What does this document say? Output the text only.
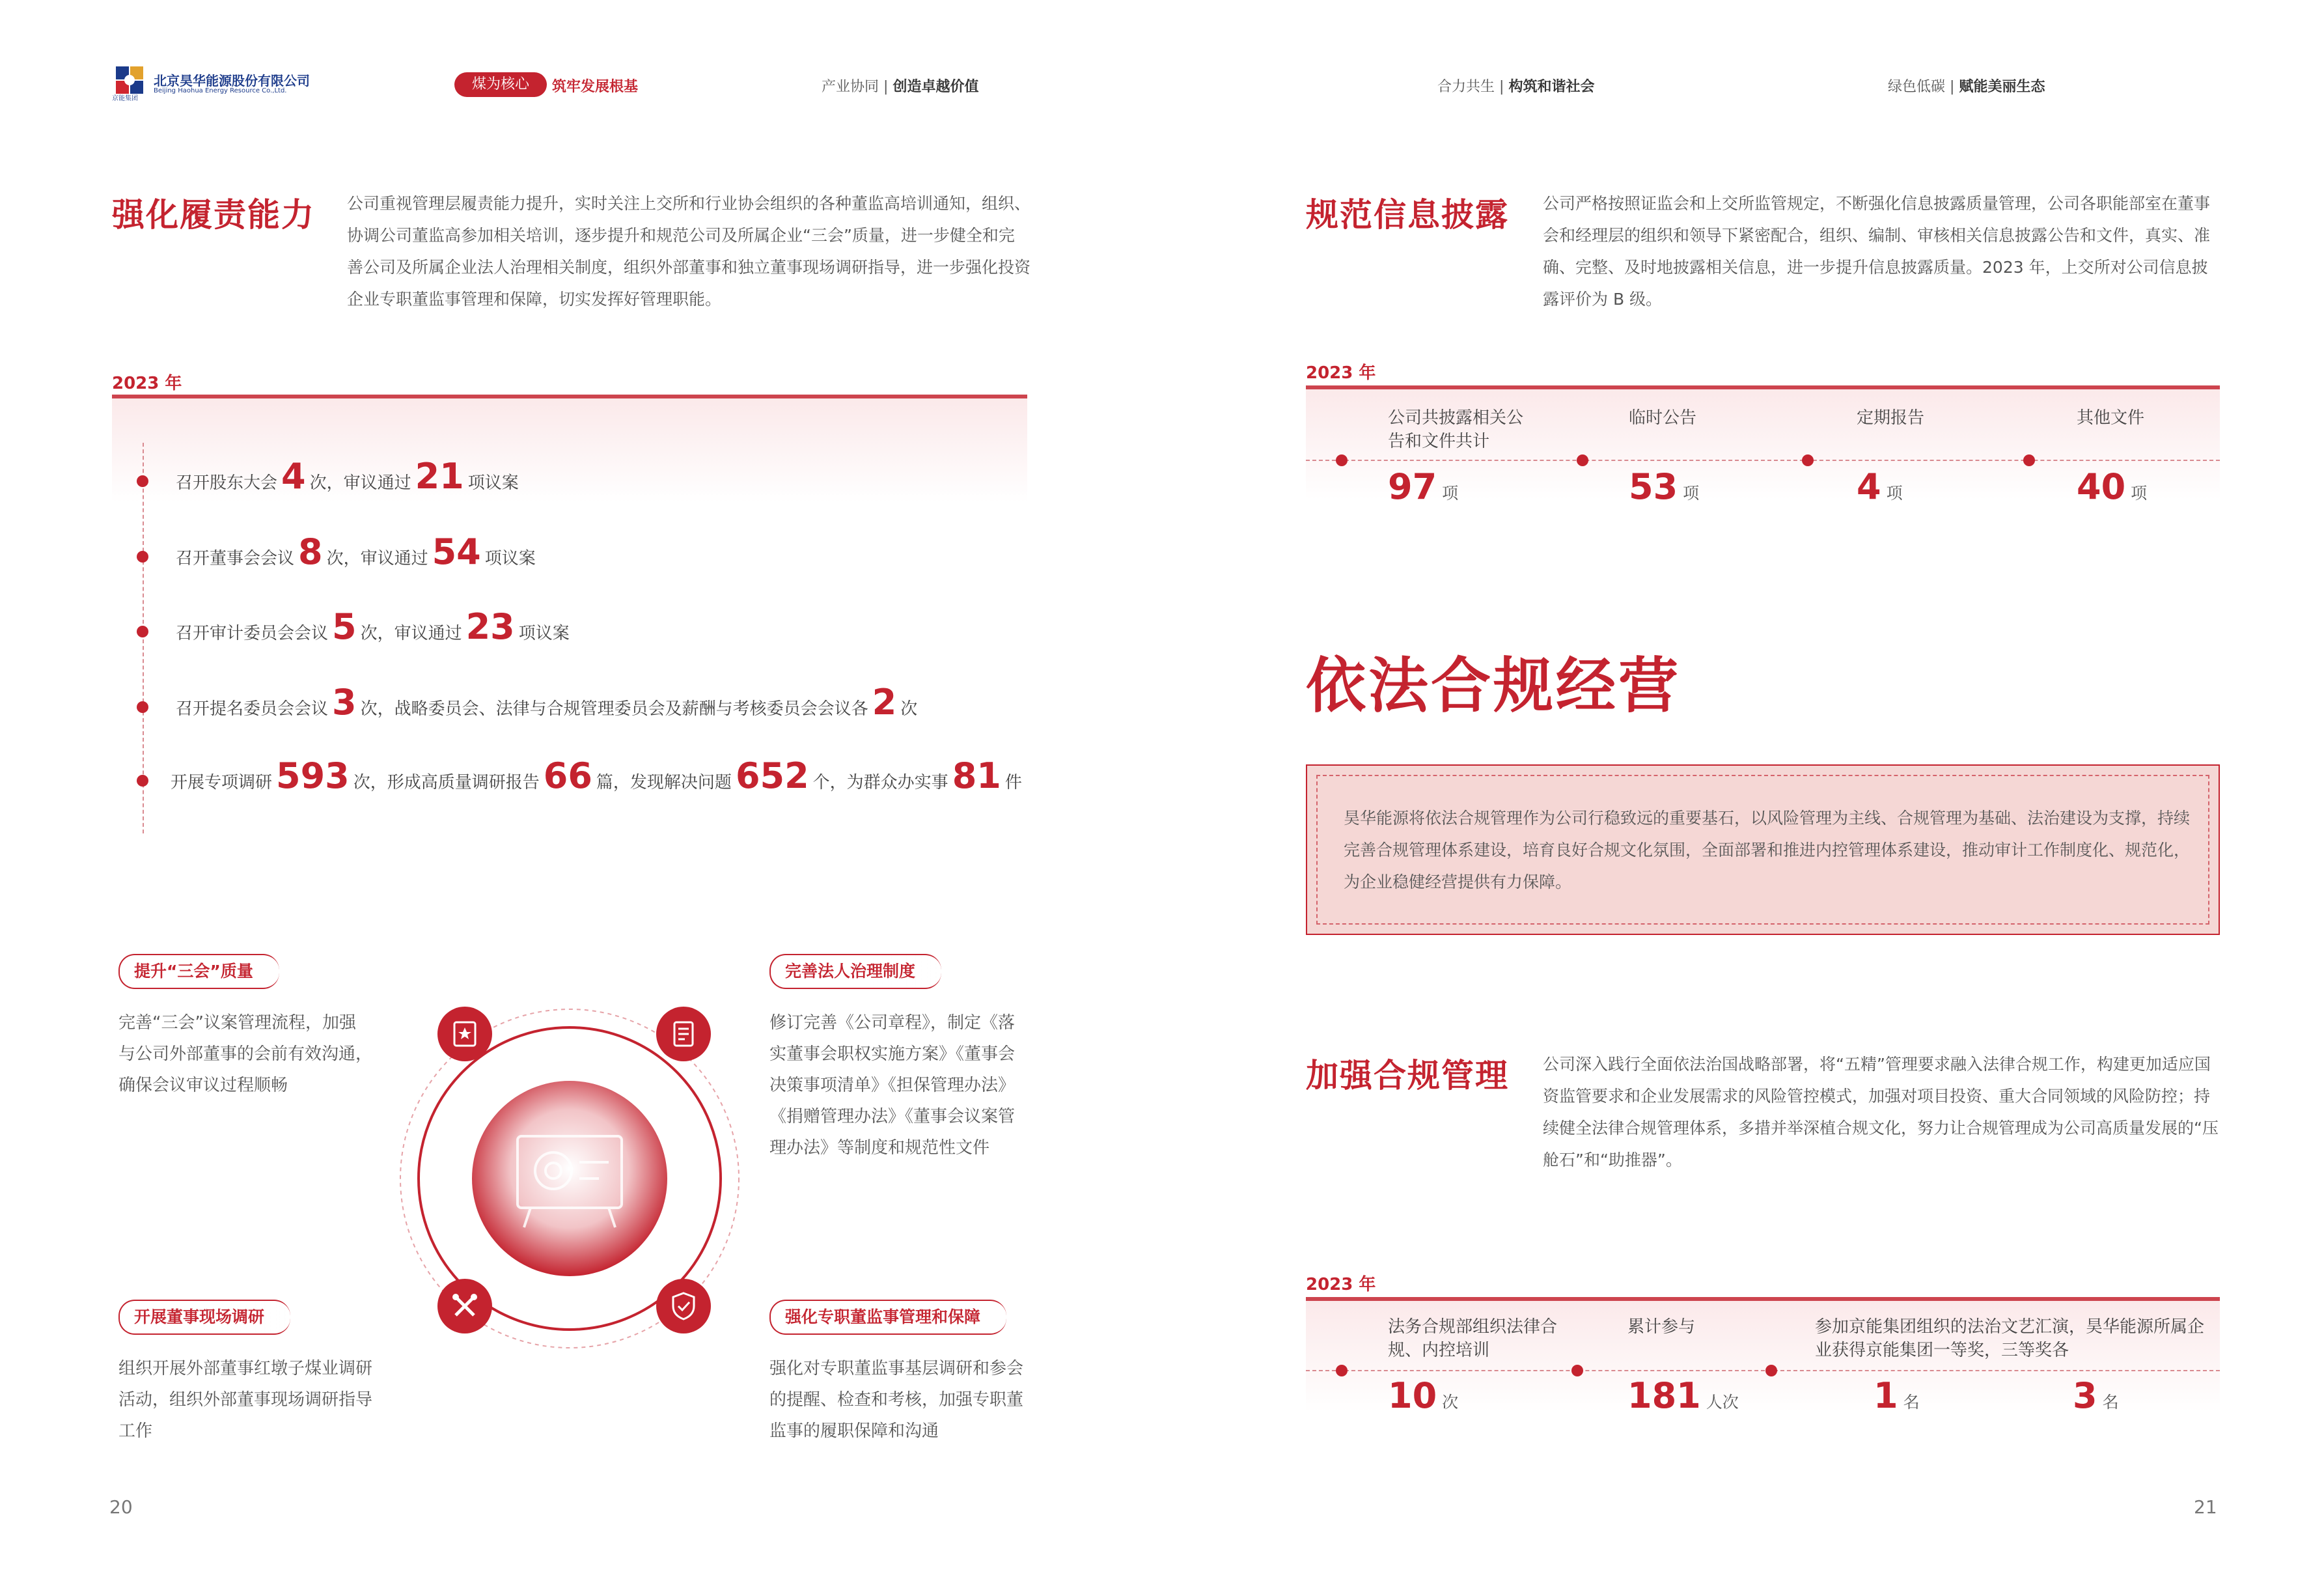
北京昊华能源股份有限公司
Beijing Haohua Energy Resource Co.,Ltd.
京能集团
煤为核心	筑牢发展根基	产业协同 | 创造卓越价值	合力共生 | 构筑和谐社会	绿色低碳 | 赋能美丽生态
强化履责能力 公司重视管理层履责能力提升，实时关注上交所和行业协会组织的各种董监高培训通知，组织、协调公司董监高参加相关培训，逐步提升和规范公司及所属企业“三会”质量，进一步健全和完善公司及所属企业法人治理相关制度，组织外部董事和独立董事现场调研指导，进一步强化投资企业专职董监事管理和保障，切实发挥好管理职能。
2023 年
召开股东大会 4 次，审议通过 21 项议案
召开董事会会议 8 次，审议通过 54 项议案
召开审计委员会会议 5 次，审议通过 23 项议案
召开提名委员会会议 3 次，战略委员会、法律与合规管理委员会及薪酬与考核委员会会议各 2 次
开展专项调研 593 次，形成高质量调研报告 66 篇，发现解决问题 652 个，为群众办实事 81 件
提升“三会”质量
完善“三会”议案管理流程，加强与公司外部董事的会前有效沟通，确保会议审议过程顺畅
完善法人治理制度
修订完善《公司章程》，制定《落实董事会职权实施方案》《董事会决策事项清单》《担保管理办法》《捐赠管理办法》《董事会议案管理办法》等制度和规范性文件
开展董事现场调研
组织开展外部董事红墩子煤业调研活动，组织外部董事现场调研指导工作
强化专职董监事管理和保障
强化对专职董监事基层调研和参会的提醒、检查和考核，加强专职董监事的履职保障和沟通
20
规范信息披露 公司严格按照证监会和上交所监管规定，不断强化信息披露质量管理，公司各职能部室在董事会和经理层的组织和领导下紧密配合，组织、编制、审核相关信息披露公告和文件，真实、准确、完整、及时地披露相关信息，进一步提升信息披露质量。2023 年，上交所对公司信息披露评价为 B 级。
2023 年
公司共披露相关公告和文件共计
97 项
临时公告
53 项
定期报告
4 项
其他文件
40 项
依法合规经营
昊华能源将依法合规管理作为公司行稳致远的重要基石，以风险管理为主线、合规管理为基础、法治建设为支撑，持续完善合规管理体系建设，培育良好合规文化氛围，全面部署和推进内控管理体系建设，推动审计工作制度化、规范化，为企业稳健经营提供有力保障。
加强合规管理 公司深入践行全面依法治国战略部署，将“五精”管理要求融入法律合规工作，构建更加适应国资监管要求和企业发展需求的风险管控模式，加强对项目投资、重大合同领域的风险防控；持续健全法律合规管理体系，多措并举深植合规文化，努力让合规管理成为公司高质量发展的“压舱石”和“助推器”。
2023 年
法务合规部组织法律合规、内控培训
10 次
累计参与
181 人次
参加京能集团组织的法治文艺汇演，昊华能源所属企业获得京能集团一等奖，三等奖各
1 名	3 名
21
